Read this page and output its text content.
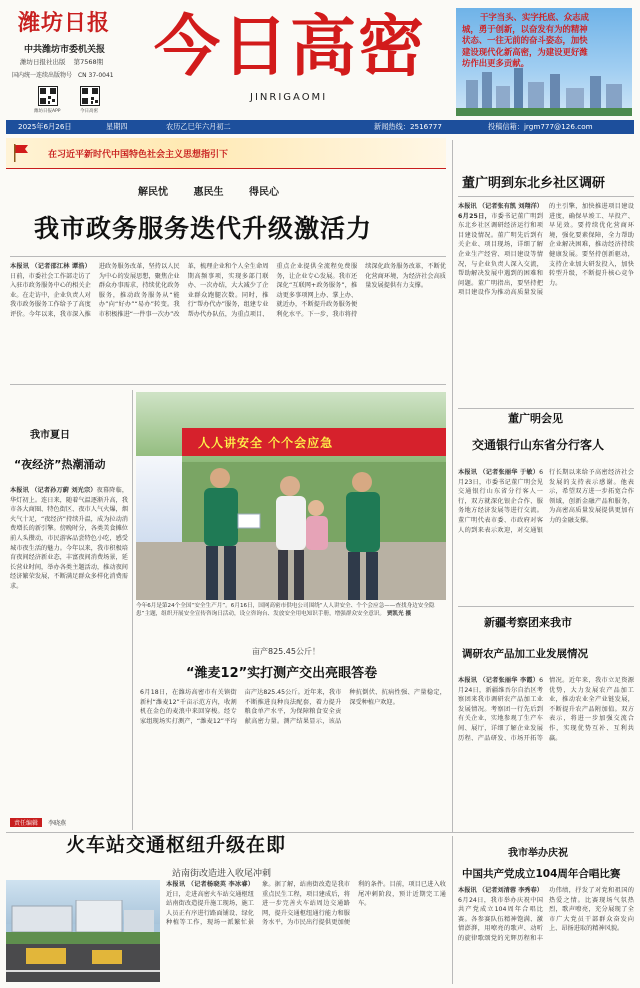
潍坊日报
中共潍坊市委机关报
潍坊日报社出版 第7568期
国内统一连续出版物号 CN 37-0041
潍坊日报APP	今日高密
今日高密
JINRIGAOMI
干字当头、实字托底、众志成
城，勇于创新，以奋发有为的精神
状态、一往无前的奋斗姿态，加快
建设现代化新高密，为建设更好潍
坊作出更多贡献。
2025年6月26日	星期四	农历乙巳年六月初二	新闻热线：2516777	投稿信箱：jrgm777@126.com
在习近平新时代中国特色社会主义思想指引下
解民忧	惠民生	得民心
我市政务服务迭代升级激活力
本报讯 （记者邵江林 谭浩）日前，市委社会工作部走访了入驻市政务服务中心的相关企业。在走访中，企业负责人对我市政务服务工作给予了高度评价。今年以来，我市深入推进政务服务改革，坚持以人民为中心的发展思想，聚焦企业群众办事需求，持续优化政务服务，推动政务服务从“能办”向“好办”“易办”转变。我市积极推进“一件事一次办”改革，梳理企业和个人全生命周期高频事项，实现多部门联办、一次办结，大大减少了企业群众跑腿次数。同时，推行“帮办代办”服务，组建专业帮办代办队伍，为重点项目、重点企业提供全流程免费服务，让企业专心发展。我市还深化“互联网+政务服务”，推动更多事项网上办、掌上办、就近办，不断提升政务服务便利化水平。下一步，我市将持续深化政务服务改革，不断优化营商环境，为经济社会高质量发展提供有力支撑。
董广明到东北乡社区调研
本报讯 （记者张有凯 刘翔洋）6月25日，市委书记董广明到东北乡社区调研经济运行和项目建设情况。董广明先后到有关企业、项目现场，详细了解企业生产经营、项目建设等情况，与企业负责人深入交流，帮助解决发展中遇到的困难和问题。董广明指出，要坚持把项目建设作为推动高质量发展的主引擎，加快推进项目建设进度，确保早竣工、早投产、早见效。要持续优化营商环境，强化要素保障，全力帮助企业解决困难，推动经济持续健康发展。要坚持创新驱动，支持企业加大研发投入，加快转型升级，不断提升核心竞争力。
我市夏日
“夜经济”热潮涌动
本报讯 （记者孙万蔚 刘光宗）夜幕降临，华灯初上。连日来，随着气温逐渐升高，我市各大商圈、特色街区、夜市人气火爆，烟火气十足，“夜经济”持续升温，成为拉动消费增长的新引擎。傍晚时分，各类美食摊位前人头攒动，市民游客品尝特色小吃，感受城市夜生活的魅力。今年以来，我市积极培育夜间经济新业态，丰富夜间消费场景，延长营业时间，举办各类主题活动，推动夜间经济繁荣发展，不断满足群众多样化消费需求。
责任编辑 李晓燕
人人讲安全 个个会应急
今年6月是第24个全国“安全生产月”。6月16日，国网高密市供电公司围绕“人人讲安全、个个会应急——查找身边安全隐患”主题，组织开展安全宣传咨询日活动，设立咨询台、发放安全用电知识手册，增强群众安全意识。 贾凯光 摄
亩产825.45公斤！
“潍麦12”实打测产交出亮眼答卷
6月18日，在潍坊高密市有关镇街新村“潍麦12”千亩示范方内，收割机在金色的麦浪中来回穿梭。经专家组现场实打测产，“潍麦12”平均亩产达825.45公斤。近年来，我市不断推进良种良法配套，着力提升粮食单产水平，为保障粮食安全贡献高密力量。测产结果显示，该品种抗倒伏、抗病性强、产量稳定，深受种植户欢迎。
董广明会见
交通银行山东省分行客人
本报讯 （记者张丽华 于敏）6月23日，市委书记董广明会见交通银行山东省分行客人一行，双方就深化银企合作、服务地方经济发展等进行交流。董广明代表市委、市政府对客人的到来表示欢迎，对交通银行长期以来给予高密经济社会发展的支持表示感谢。他表示，希望双方进一步拓宽合作领域，创新金融产品和服务，为高密高质量发展提供更加有力的金融支撑。
新疆考察团来我市
调研农产品加工业发展情况
本报讯 （记者张丽华 李霞）6月24日，新疆维吾尔自治区考察团来我市调研农产品加工业发展情况。考察团一行先后到有关企业，实地参观了生产车间、展厅，详细了解企业发展历程、产品研发、市场开拓等情况。近年来，我市立足资源优势，大力发展农产品加工业，推动农业全产业链发展，不断提升农产品附加值。双方表示，将进一步加强交流合作，实现优势互补、互利共赢。
火车站交通枢纽升级在即
站南街改造进入收尾冲刺
本报讯 （记者杨晓英 李冰睿）近日，走进高密火车站交通枢纽站南街改造提升施工现场，施工人员正有序进行路面铺设、绿化种植等工作，现场一派繁忙景象。据了解，站南街改造是我市重点民生工程，项目建成后，将进一步完善火车站周边交通路网，提升交通枢纽通行能力和服务水平，为市民出行提供更加便利的条件。目前，项目已进入收尾冲刺阶段，预计近期完工通车。
我市举办庆祝
中国共产党成立104周年合唱比赛
本报讯 （记者刘清蓉 李秀春）6月24日，我市举办庆祝中国共产党成立104周年合唱比赛。各参赛队伍精神饱满、激情澎湃，用嘹亮的歌声、动听的旋律歌颂党的光辉历程和丰功伟绩，抒发了对党和祖国的热爱之情。比赛现场气氛热烈，歌声嘹亮，充分展现了全市广大党员干部群众奋发向上、昂扬进取的精神风貌。
